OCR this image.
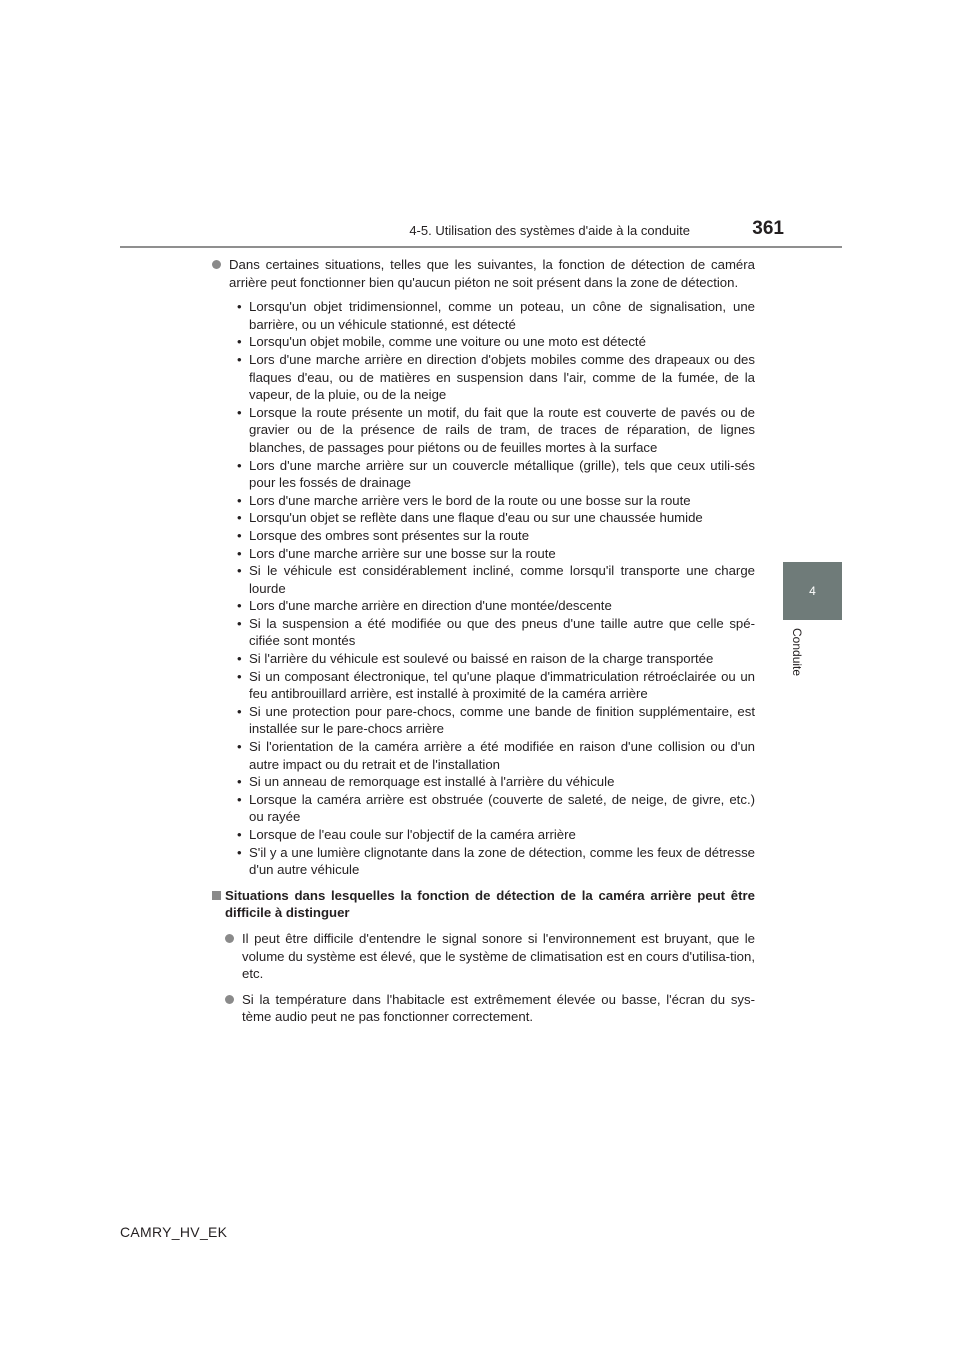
4-5. Utilisation des systèmes d'aide à la conduite	361
4
Conduite
Dans certaines situations, telles que les suivantes, la fonction de détection de caméra arrière peut fonctionner bien qu'aucun piéton ne soit présent dans la zone de détection.
• Lorsqu'un objet tridimensionnel, comme un poteau, un cône de signalisation, une barrière, ou un véhicule stationné, est détecté
• Lorsqu'un objet mobile, comme une voiture ou une moto est détecté
• Lors d'une marche arrière en direction d'objets mobiles comme des drapeaux ou des flaques d'eau, ou de matières en suspension dans l'air, comme de la fumée, de la vapeur, de la pluie, ou de la neige
• Lorsque la route présente un motif, du fait que la route est couverte de pavés ou de gravier ou de la présence de rails de tram, de traces de réparation, de lignes blanches, de passages pour piétons ou de feuilles mortes à la surface
• Lors d'une marche arrière sur un couvercle métallique (grille), tels que ceux utili-sés pour les fossés de drainage
• Lors d'une marche arrière vers le bord de la route ou une bosse sur la route
• Lorsqu'un objet se reflète dans une flaque d'eau ou sur une chaussée humide
• Lorsque des ombres sont présentes sur la route
• Lors d'une marche arrière sur une bosse sur la route
• Si le véhicule est considérablement incliné, comme lorsqu'il transporte une charge lourde
• Lors d'une marche arrière en direction d'une montée/descente
• Si la suspension a été modifiée ou que des pneus d'une taille autre que celle spé-cifiée sont montés
• Si l'arrière du véhicule est soulevé ou baissé en raison de la charge transportée
• Si un composant électronique, tel qu'une plaque d'immatriculation rétroéclairée ou un feu antibrouillard arrière, est installé à proximité de la caméra arrière
• Si une protection pour pare-chocs, comme une bande de finition supplémentaire, est installée sur le pare-chocs arrière
• Si l'orientation de la caméra arrière a été modifiée en raison d'une collision ou d'un autre impact ou du retrait et de l'installation
• Si un anneau de remorquage est installé à l'arrière du véhicule
• Lorsque la caméra arrière est obstruée (couverte de saleté, de neige, de givre, etc.) ou rayée
• Lorsque de l'eau coule sur l'objectif de la caméra arrière
• S'il y a une lumière clignotante dans la zone de détection, comme les feux de détresse d'un autre véhicule
Situations dans lesquelles la fonction de détection de la caméra arrière peut être difficile à distinguer
Il peut être difficile d'entendre le signal sonore si l'environnement est bruyant, que le volume du système est élevé, que le système de climatisation est en cours d'utilisa-tion, etc.
Si la température dans l'habitacle est extrêmement élevée ou basse, l'écran du sys-tème audio peut ne pas fonctionner correctement.
CAMRY_HV_EK
